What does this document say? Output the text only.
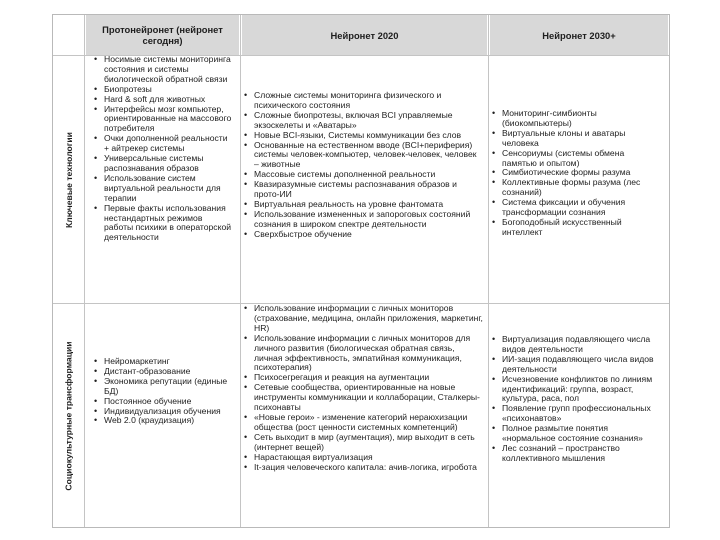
Протонейронет (нейронет сегодня)	Нейронет 2020	Нейронет 2030+
Ключевые технологии
Социокультурные трансформации
• Носимые системы мониторинга состояния и системы биологической обратной связи
• Биопротезы
• Hard & soft для животных
• Интерфейсы мозг компьютер, ориентированные на массового потребителя
• Очки дополненной реальности + айтрекер системы
• Универсальные системы распознавания образов
• Использование систем виртуальной реальности для терапии
• Первые факты использования нестандартных режимов работы психики в операторской деятельности
• Сложные системы мониторинга физического и психического состояния
• Сложные биопротезы, включая BCI управляемые экзоскелеты и «Аватары»
• Новые BCI-языки, Системы коммуникации без слов
• Основанные на естественном вводе (BCI+периферия) системы человек-компьютер, человек-человек, человек – животные
• Массовые системы дополненной реальности
• Квазиразумные системы распознавания образов и прото-ИИ
• Виртуальная реальность на уровне фантомата
• Использование измененных и запороговых состояний сознания в широком спектре деятельности
• Сверхбыстрое обучение
• Мониторинг-симбионты (биокомпьютеры)
• Виртуальные клоны и аватары человека
• Сенсориумы (системы обмена памятью и опытом)
• Симбиотические формы разума
• Коллективные формы разума (лес сознаний)
• Система фиксации и обучения трансформации сознания
• Богоподобный искусственный интеллект
• Нейромаркетинг
• Дистант-образование
• Экономика репутации (единые БД)
• Постоянное обучение
• Индивидуализация обучения
• Web 2.0 (краудизация)
• Использование информации с личных мониторов (страхование, медицина, онлайн приложения, маркетинг, HR)
• Использование информации с личных мониторов для личного развития (биологическая обратная связь, личная эффективность, эмпатийная коммуникация, психотерапия)
• Психосегрегация и реакция на аугментации
• Сетевые сообщества, ориентированные на новые инструменты коммуникации и коллаборации, Сталкеры- психонавты
• «Новые герои» - изменение категорий нераюхизации общества (рост ценности системных компетенций)
• Сеть выходит в мир (аугментация), мир выходит в сеть (интернет вещей)
• Нарастающая виртуализация
• It-зация человеческого капитала: ачив-логика, игробота
• Виртуализация подавляющего числа видов деятельности
• ИИ-зация подавляющего числа видов деятельности
• Исчезновение конфликтов по линиям идентификаций: группа, возраст, культура, раса, пол
• Появление групп профессиональных «психонавтов»
• Полное размытие понятия «нормальное состояние сознания»
• Лес сознаний – пространство коллективного мышления
